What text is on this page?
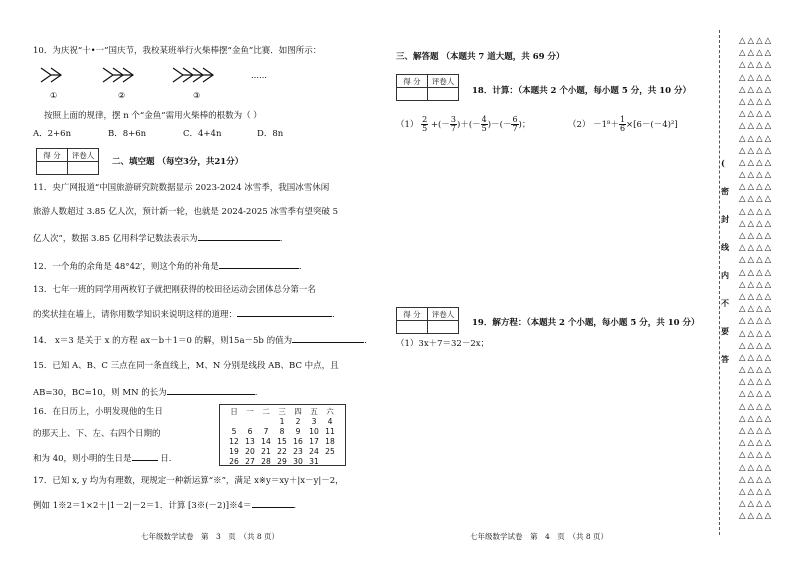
10．为庆祝“十•一”国庆节，我校某班举行火柴棒摆“金鱼”比赛．如图所示：
①	②	③
……
按照上面的规律，摆 n 个“金鱼”需用火柴棒的根数为（ ）
A．2+6n	B．8+6n	C．4+4n	D．8n
得 分	评卷人

二、填空题 （每空3分，共21分）
11．央广网报道“中国旅游研究院数据显示 2023-2024 冰雪季，我国冰雪休闲
旅游人数超过 3.85 亿人次，预计新一轮，也就是 2024-2025 冰雪季有望突破 5
亿人次”，数据 3.85 亿用科学记数法表示为	.
12．一个角的余角是 48°42′，则这个角的补角是	.
13．七年一班的同学用两枚钉子就把刚获得的校田径运动会团体总分第一名
的奖状挂在墙上，请你用数学知识来说明这样的道理：	.
14． x＝3 是关于 x 的方程 ax－b＋1＝0 的解，则15a－5b 的值为	.
15．已知 A、B、C 三点在同一条直线上，M、N 分别是线段 AB、BC 中点，且
AB=30，BC=10，则 MN 的长为	.
16．在日历上，小明发现他的生日
的那天上、下、左、右四个日期的
和为 40，则小明的生日是	日.
日	一	二	三	四	五	六
			1	2	3	4
5	6	7	8	9	10	11
12	13	14	15	16	17	18
19	20	21	22	23	24	25
26	27	28	29	30	31	
17．已知 x, y 均为有理数，现规定一种新运算“※”，满足 x※y＝xy＋|x－y|－2，
例如 1※2＝1×2＋|1－2|－2＝1．计算 [3※(－2)]※4＝	.
七年级数学试卷　第　3　页　（共 8 页）
三、解答题 （本题共 7 道大题，共 69 分）
得 分	评卷人

18．计算：（本题共 2 个小题，每小题 5 分，共 10 分）
$(1) \frac{2}{5}$ +(－ $\frac{3}{7}$ )＋(－ $\frac{4}{5}$ )－(－ $\frac{6}{7}$ )；	$(2) -1^8+ \frac{1}{6} \times[6-(-4)^2]$
得 分	评卷人

19．解方程：（本题共 2 个小题，每小题 5 分，共 10 分）
（1）3x＋7＝32－2x；
七年级数学试卷　第　4　页　（共 8 页）
(
密
封
线
内
不
要
答
△△△△
△△△△
△△△△
△△△△
△△△△
△△△△
△△△△
△△△△
△△△△
△△△△
△△△△
△△△△
△△△△
△△△△
△△△△
△△△△
△△△△
△△△△
△△△△
△△△△
△△△△
△△△△
△△△△
△△△△
△△△△
△△△△
△△△△
△△△△
△△△△
△△△△
△△△△
△△△△
△△△△
△△△△
△△△△
△△△△
△△△△
△△△△
△△△△
△△△△
